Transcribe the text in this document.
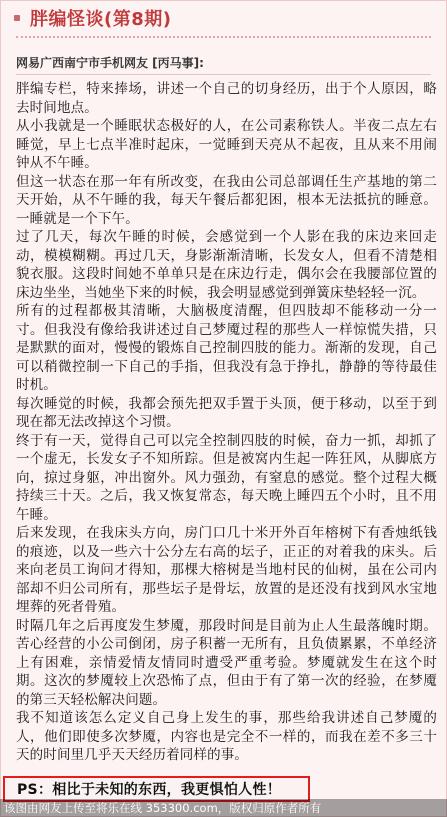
胖编怪谈(第8期)
网易广西南宁市手机网友 [丙马事]:

胖编专栏，特来捧场，讲述一个自己的切身经历，出于个人原因，略去时间地点。

从小我就是一个睡眠状态极好的人，在公司素称铁人。半夜二点左右睡觉，早上七点半准时起床，一觉睡到天亮从不起夜，且从来不用闹钟从不午睡。

但这一状态在那一年有所改变，在我由公司总部调任生产基地的第二天开始，从不午睡的我，每天午餐后都犯困，根本无法抵抗的睡意。一睡就是一个下午。

过了几天，每次午睡的时候，会感觉到一个人影在我的床边来回走动，模模糊糊。再过几天，身影渐渐清晰，长发女人，但看不清楚相貌衣服。这段时间她不单单只是在床边行走，偶尔会在我腰部位置的床边坐坐，当她坐下来的时候，我会明显感觉到弹簧床垫轻轻一沉。

所有的过程都极其清晰，大脑极度清醒，但四肢却不能移动一分一寸。但我没有像给我讲述过自己梦魇过程的那些人一样惊慌失措，只是默默的面对，慢慢的锻炼自己控制四肢的能力。渐渐的发现，自己可以稍微控制一下自己的手指，但我没有急于挣扎，静静的等待最佳时机。

每次睡觉的时候，我都会预先把双手置于头顶，便于移动，以至于到现在都无法改掉这个习惯。

终于有一天，觉得自己可以完全控制四肢的时候，奋力一抓，却抓了一个虚无，长发女子不知所踪。但是被窝内生起一阵狂风，从脚底方向，掠过身躯，冲出窗外。风力强劲，有窒息的感觉。整个过程大概持续三十天。之后，我又恢复常态，每天晚上睡四五个小时，且不用午睡。

后来发现，在我床头方向，房门口几十米开外百年榕树下有香烛纸钱的痕迹，以及一些六十公分左右高的坛子，正正的对着我的床头。后来向老员工询问才得知，那棵大榕树是当地村民的仙树，虽在公司内部却不归公司所有，那些坛子是骨坛，放置的是还没有找到风水宝地埋葬的死者骨殖。

时隔几年之后再度发生梦魇，那段时间是目前为止人生最落魄时期。苦心经营的小公司倒闭，房子积蓄一无所有，且负债累累，不单经济上有困难，亲情爱情友情同时遭受严重考验。梦魇就发生在这个时期。这次的梦魇较上次恐怖了点，但由于有了第一次的经验，在梦魇的第三天轻松解决问题。

我不知道该怎么定义自己身上发生的事，那些给我讲述自己梦魇的人，他们即使多次梦魇，内容也是完全不一样的，而我在差不多三十天的时间里几乎天天经历着同样的事。

PS：相比于未知的东西，我更惧怕人性！
该图由网友上传至将乐在线 353300.com，版权归原作者所有
